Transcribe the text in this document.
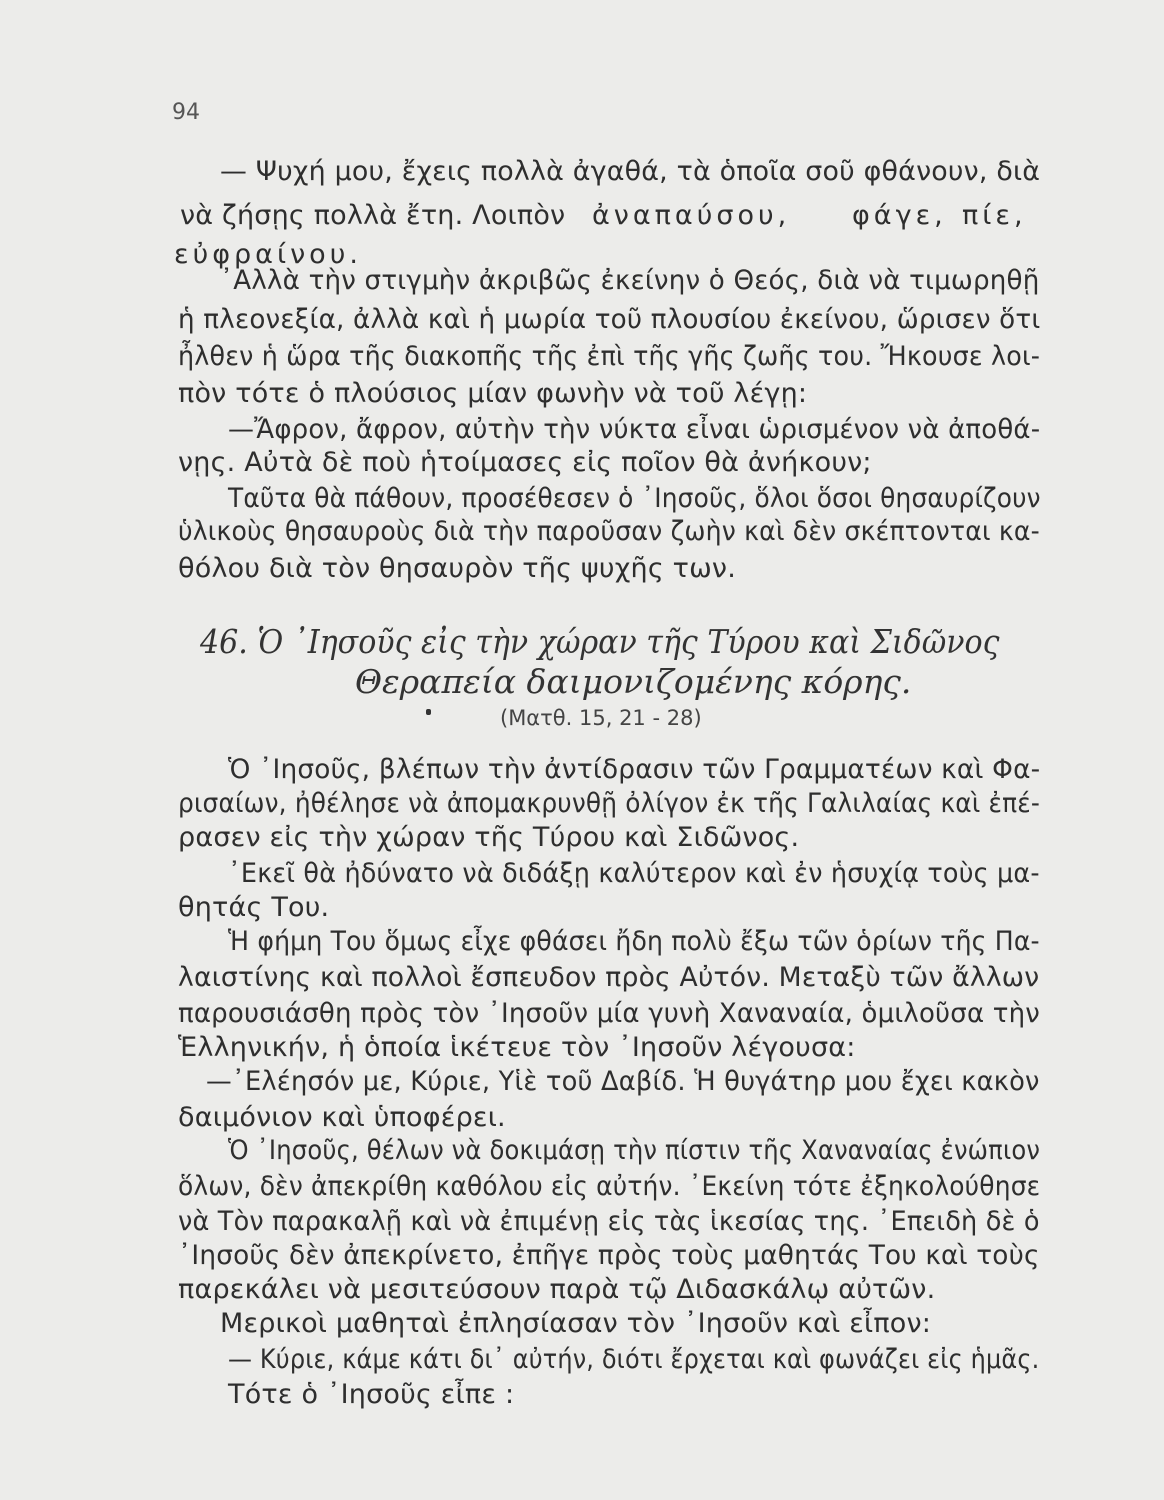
94
— Ψυχή μου, ἔχεις πολλὰ ἀγαθά, τὰ ὁποῖα σοῦ φθάνουν, διὰ
νὰ ζήσῃς πολλὰ ἔτη. Λοιπὸν ἀναπαύσου, φάγε, πίε,
εὐφραίνου.
᾿Αλλὰ τὴν στιγμὴν ἀκριβῶς ἐκείνην ὁ Θεός, διὰ νὰ τιμωρηθῇ
ἡ πλεονεξία, ἀλλὰ καὶ ἡ μωρία τοῦ πλουσίου ἐκείνου, ὥρισεν ὅτι
ἦλθεν ἡ ὥρα τῆς διακοπῆς τῆς ἐπὶ τῆς γῆς ζωῆς του. Ἤκουσε λοι-
πὸν τότε ὁ πλούσιος μίαν φωνὴν νὰ τοῦ λέγῃ:
—Ἄφρον, ἄφρον, αὐτὴν τὴν νύκτα εἶναι ὡρισμένον νὰ ἀποθά-
νῃς. Αὐτὰ δὲ ποὺ ἡτοίμασες εἰς ποῖον θὰ ἀνήκουν;
Ταῦτα θὰ πάθουν, προσέθεσεν ὁ ᾿Ιησοῦς, ὅλοι ὅσοι θησαυρίζουν
ὑλικοὺς θησαυροὺς διὰ τὴν παροῦσαν ζωὴν καὶ δὲν σκέπτονται κα-
θόλου διὰ τὸν θησαυρὸν τῆς ψυχῆς των.
46. Ὁ ᾿Ιησοῦς εἰς τὴν χώραν τῆς Τύρου καὶ Σιδῶνος
Θεραπεία δαιμονιζομένης κόρης.
(Ματθ. 15, 21 - 28)
Ὁ ᾿Ιησοῦς, βλέπων τὴν ἀντίδρασιν τῶν Γραμματέων καὶ Φα-
ρισαίων, ἠθέλησε νὰ ἀπομακρυνθῇ ὀλίγον ἐκ τῆς Γαλιλαίας καὶ ἐπέ-
ρασεν εἰς τὴν χώραν τῆς Τύρου καὶ Σιδῶνος.
᾿Εκεῖ θὰ ἠδύνατο νὰ διδάξῃ καλύτερον καὶ ἐν ἡσυχίᾳ τοὺς μα-
θητάς Του.
Ἡ φήμη Του ὅμως εἶχε φθάσει ἤδη πολὺ ἔξω τῶν ὁρίων τῆς Πα-
λαιστίνης καὶ πολλοὶ ἔσπευδον πρὸς Αὐτόν. Μεταξὺ τῶν ἄλλων
παρουσιάσθη πρὸς τὸν ᾿Ιησοῦν μία γυνὴ Χαναναία, ὁμιλοῦσα τὴν
Ἑλληνικήν, ἡ ὁποία ἱκέτευε τὸν ᾿Ιησοῦν λέγουσα:
—᾿Ελέησόν με, Κύριε, Υἱὲ τοῦ Δαβίδ. Ἡ θυγάτηρ μου ἔχει κακὸν
δαιμόνιον καὶ ὑποφέρει.
Ὁ ᾿Ιησοῦς, θέλων νὰ δοκιμάσῃ τὴν πίστιν τῆς Χαναναίας ἐνώπιον
ὅλων, δὲν ἀπεκρίθη καθόλου εἰς αὐτήν. ᾿Εκείνη τότε ἐξηκολούθησε
νὰ Τὸν παρακαλῇ καὶ νὰ ἐπιμένῃ εἰς τὰς ἱκεσίας της. ᾿Επειδὴ δὲ ὁ
᾿Ιησοῦς δὲν ἀπεκρίνετο, ἐπῆγε πρὸς τοὺς μαθητάς Του καὶ τοὺς
παρεκάλει νὰ μεσιτεύσουν παρὰ τῷ Διδασκάλῳ αὐτῶν.
Μερικοὶ μαθηταὶ ἐπλησίασαν τὸν ᾿Ιησοῦν καὶ εἶπον:
— Κύριε, κάμε κάτι δι᾿ αὐτήν, διότι ἔρχεται καὶ φωνάζει εἰς ἡμᾶς.
Τότε ὁ ᾿Ιησοῦς εἶπε :
